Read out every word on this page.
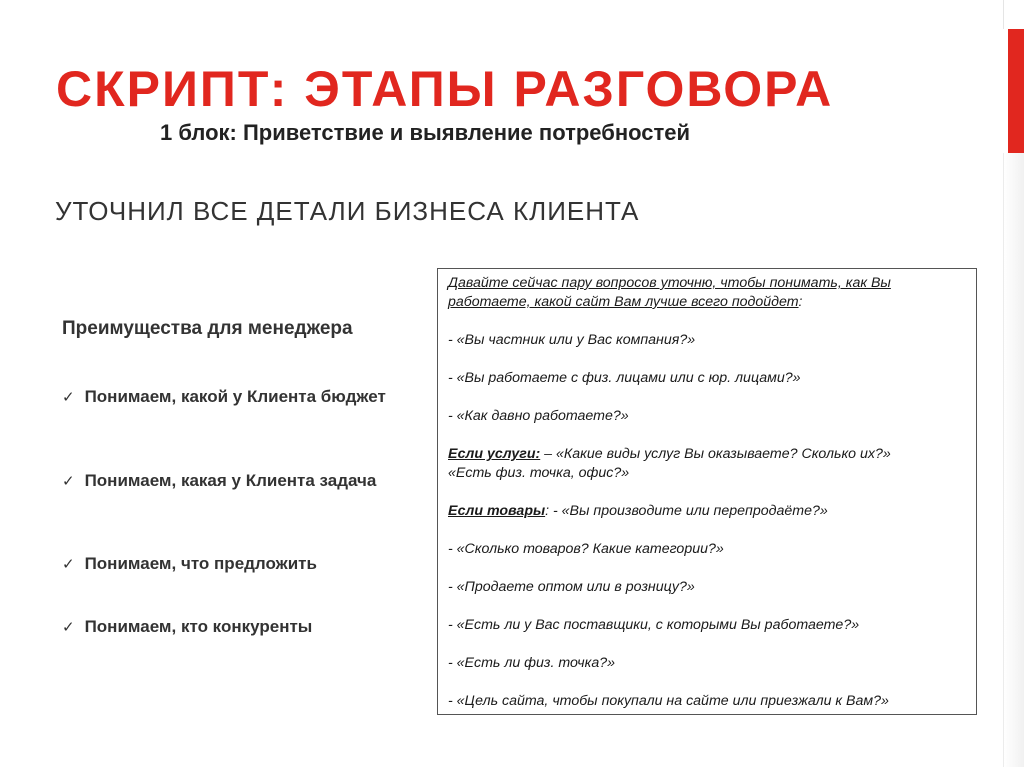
СКРИПТ: ЭТАПЫ РАЗГОВОРА
1 блок: Приветствие и выявление потребностей
УТОЧНИЛ ВСЕ ДЕТАЛИ БИЗНЕСА КЛИЕНТА

Преимущества для менеджера

✓ Понимаем, какой у Клиента бюджет

✓ Понимаем, какая у Клиента задача

✓ Понимаем, что предложить

✓ Понимаем, кто конкуренты

Давайте сейчас пару вопросов уточню, чтобы понимать, как Вы

работаете, какой сайт Вам лучше всего подойдет:

- «Вы частник или у Вас компания?»

- «Вы работаете с физ. лицами или с юр. лицами?»

- «Как давно работаете?»

Если услуги: – «Какие виды услуг Вы оказываете? Сколько их?»

«Есть физ. точка, офис?»

Если товары: - «Вы производите или перепродаёте?»

- «Сколько товаров? Какие категории?»

- «Продаете оптом или в розницу?»

- «Есть ли у Вас поставщики, с которыми Вы работаете?»

- «Есть ли физ. точка?»

- «Цель сайта, чтобы покупали на сайте или приезжали к Вам?»
